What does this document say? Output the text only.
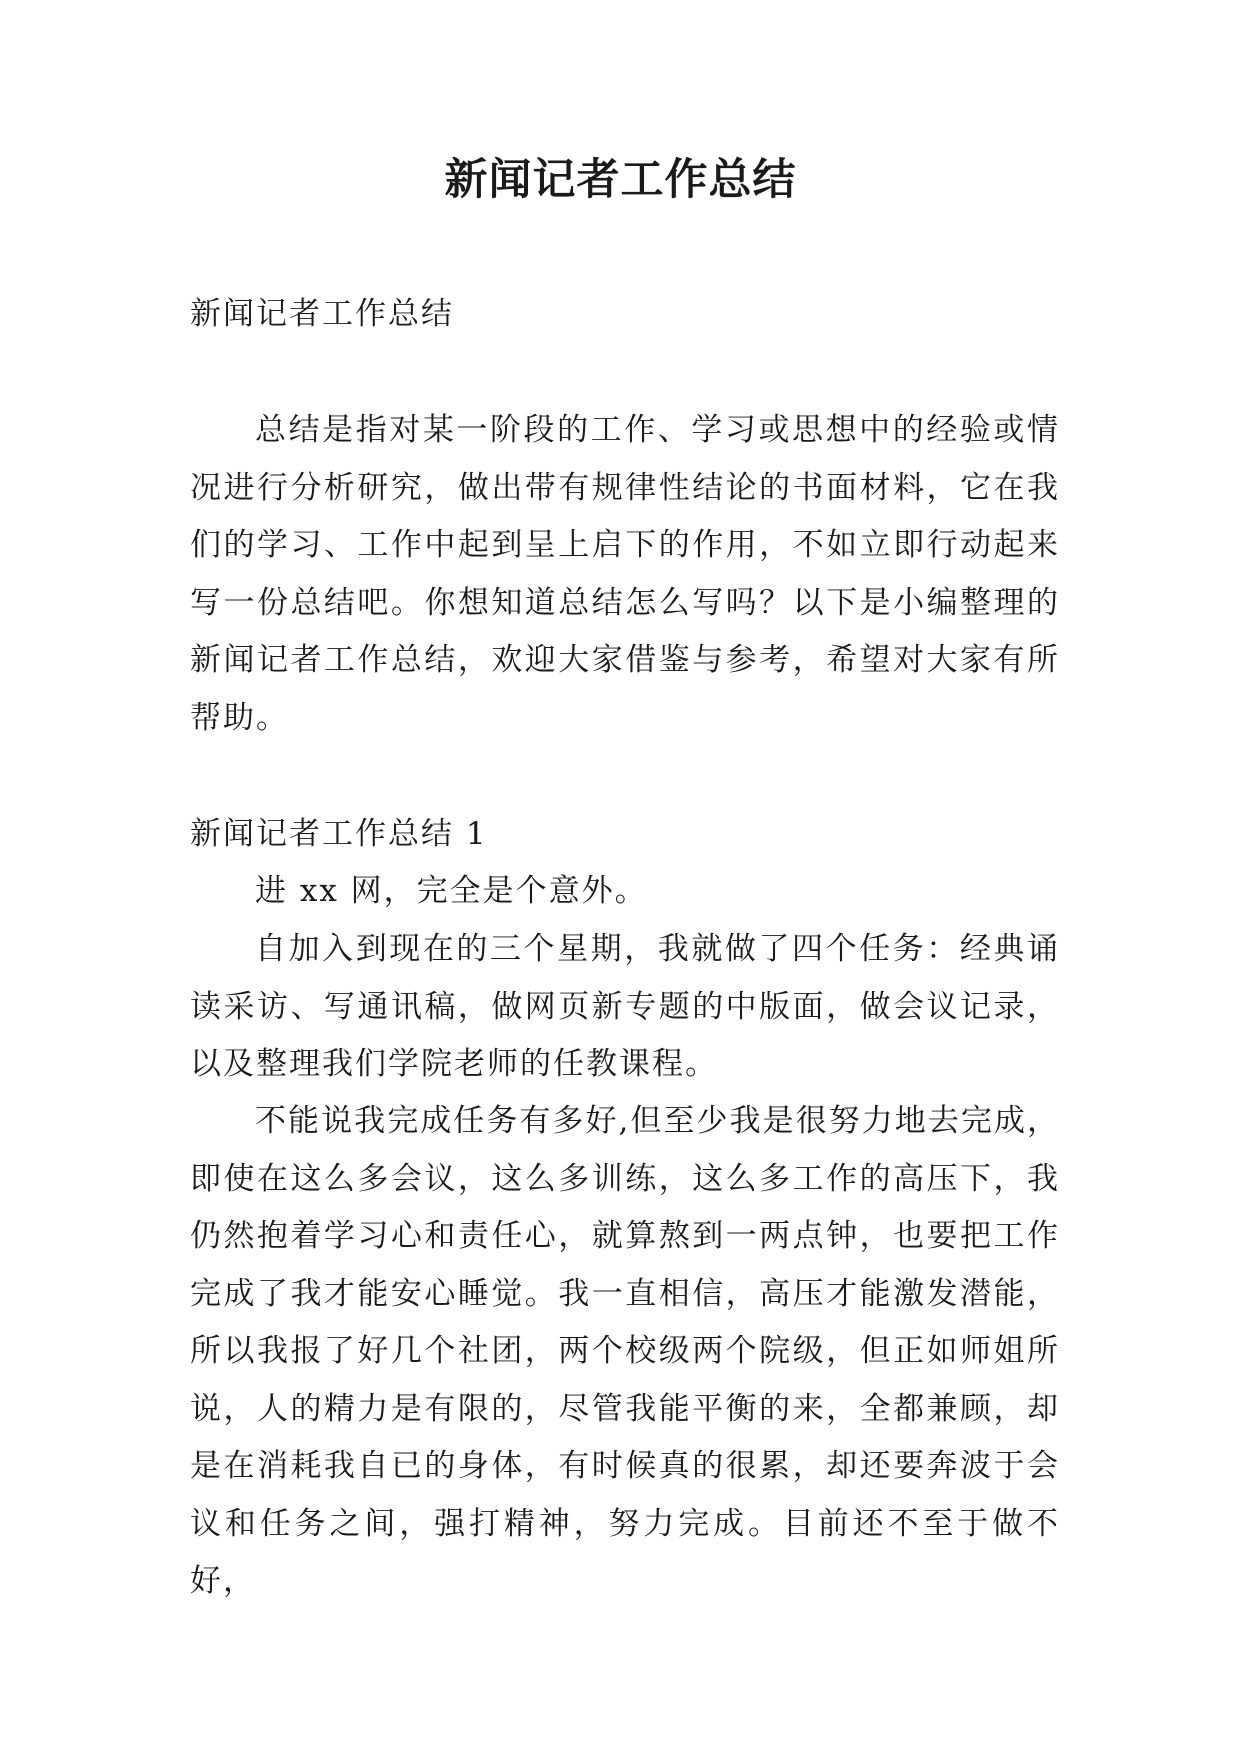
新闻记者工作总结
新闻记者工作总结
总结是指对某一阶段的工作、学习或思想中的经验或情况进行分析研究，做出带有规律性结论的书面材料，它在我们的学习、工作中起到呈上启下的作用，不如立即行动起来写一份总结吧。你想知道总结怎么写吗？以下是小编整理的新闻记者工作总结，欢迎大家借鉴与参考，希望对大家有所帮助。
新闻记者工作总结 1
进 xx 网，完全是个意外。
自加入到现在的三个星期，我就做了四个任务：经典诵读采访、写通讯稿，做网页新专题的中版面，做会议记录，以及整理我们学院老师的任教课程。
不能说我完成任务有多好,但至少我是很努力地去完成，即使在这么多会议，这么多训练，这么多工作的高压下，我仍然抱着学习心和责任心，就算熬到一两点钟，也要把工作完成了我才能安心睡觉。我一直相信，高压才能激发潜能，所以我报了好几个社团，两个校级两个院级，但正如师姐所说，人的精力是有限的，尽管我能平衡的来，全都兼顾，却是在消耗我自已的身体，有时候真的很累，却还要奔波于会议和任务之间，强打精神，努力完成。目前还不至于做不好，
